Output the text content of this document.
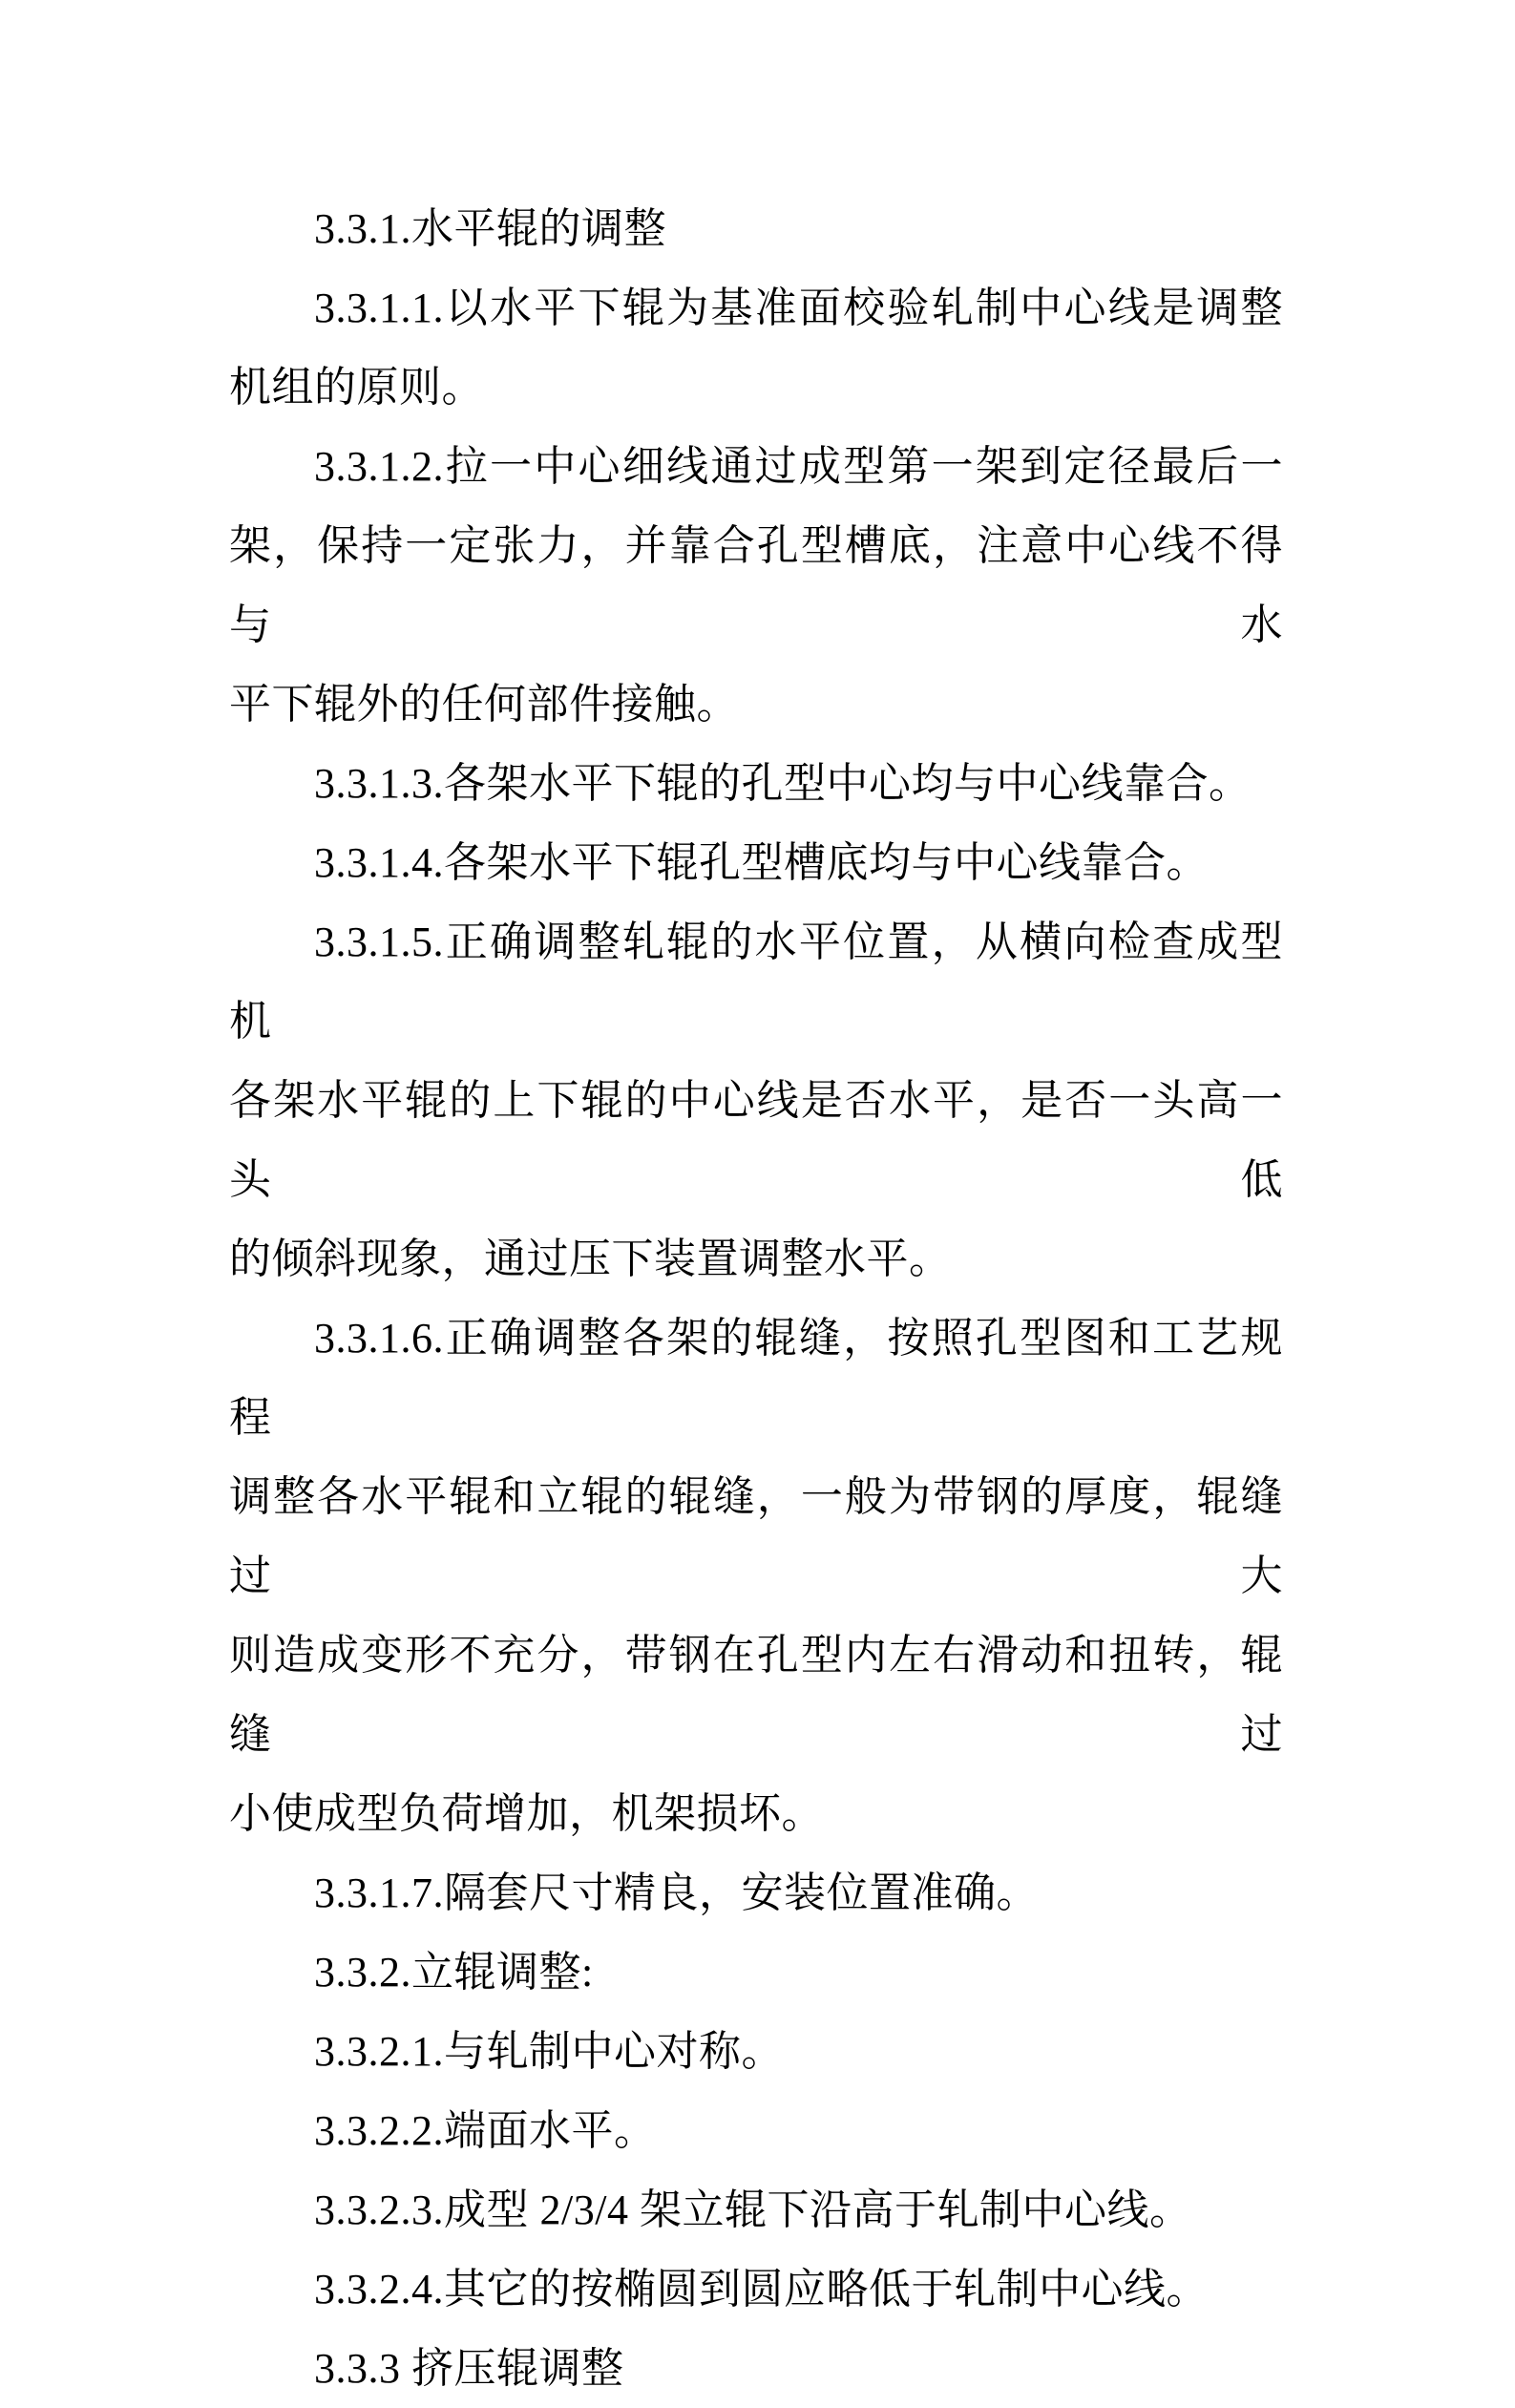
3.3.1.水平辊的调整
3.3.1.1.以水平下辊为基准面校验轧制中心线是调整
机组的原则。
3.3.1.2.拉一中心细线通过成型第一架到定径最后一
架，保持一定张力，并靠合孔型槽底，注意中心线不得与水
平下辊外的任何部件接触。
3.3.1.3.各架水平下辊的孔型中心均与中心线靠合。
3.3.1.4.各架水平下辊孔型槽底均与中心线靠合。
3.3.1.5.正确调整轧辊的水平位置，从横向检查成型机
各架水平辊的上下辊的中心线是否水平，是否一头高一头低
的倾斜现象，通过压下装置调整水平。
3.3.1.6.正确调整各架的辊缝，按照孔型图和工艺规程
调整各水平辊和立辊的辊缝，一般为带钢的厚度，辊缝过大
则造成变形不充分，带钢在孔型内左右滑动和扭转，辊缝过
小使成型负荷增加，机架损坏。
3.3.1.7.隔套尺寸精良，安装位置准确。
3.3.2.立辊调整:
3.3.2.1.与轧制中心对称。
3.3.2.2.端面水平。
3.3.2.3.成型 2/3/4 架立辊下沿高于轧制中心线。
3.3.2.4.其它的按椭圆到圆应略低于轧制中心线。
3.3.3 挤压辊调整
